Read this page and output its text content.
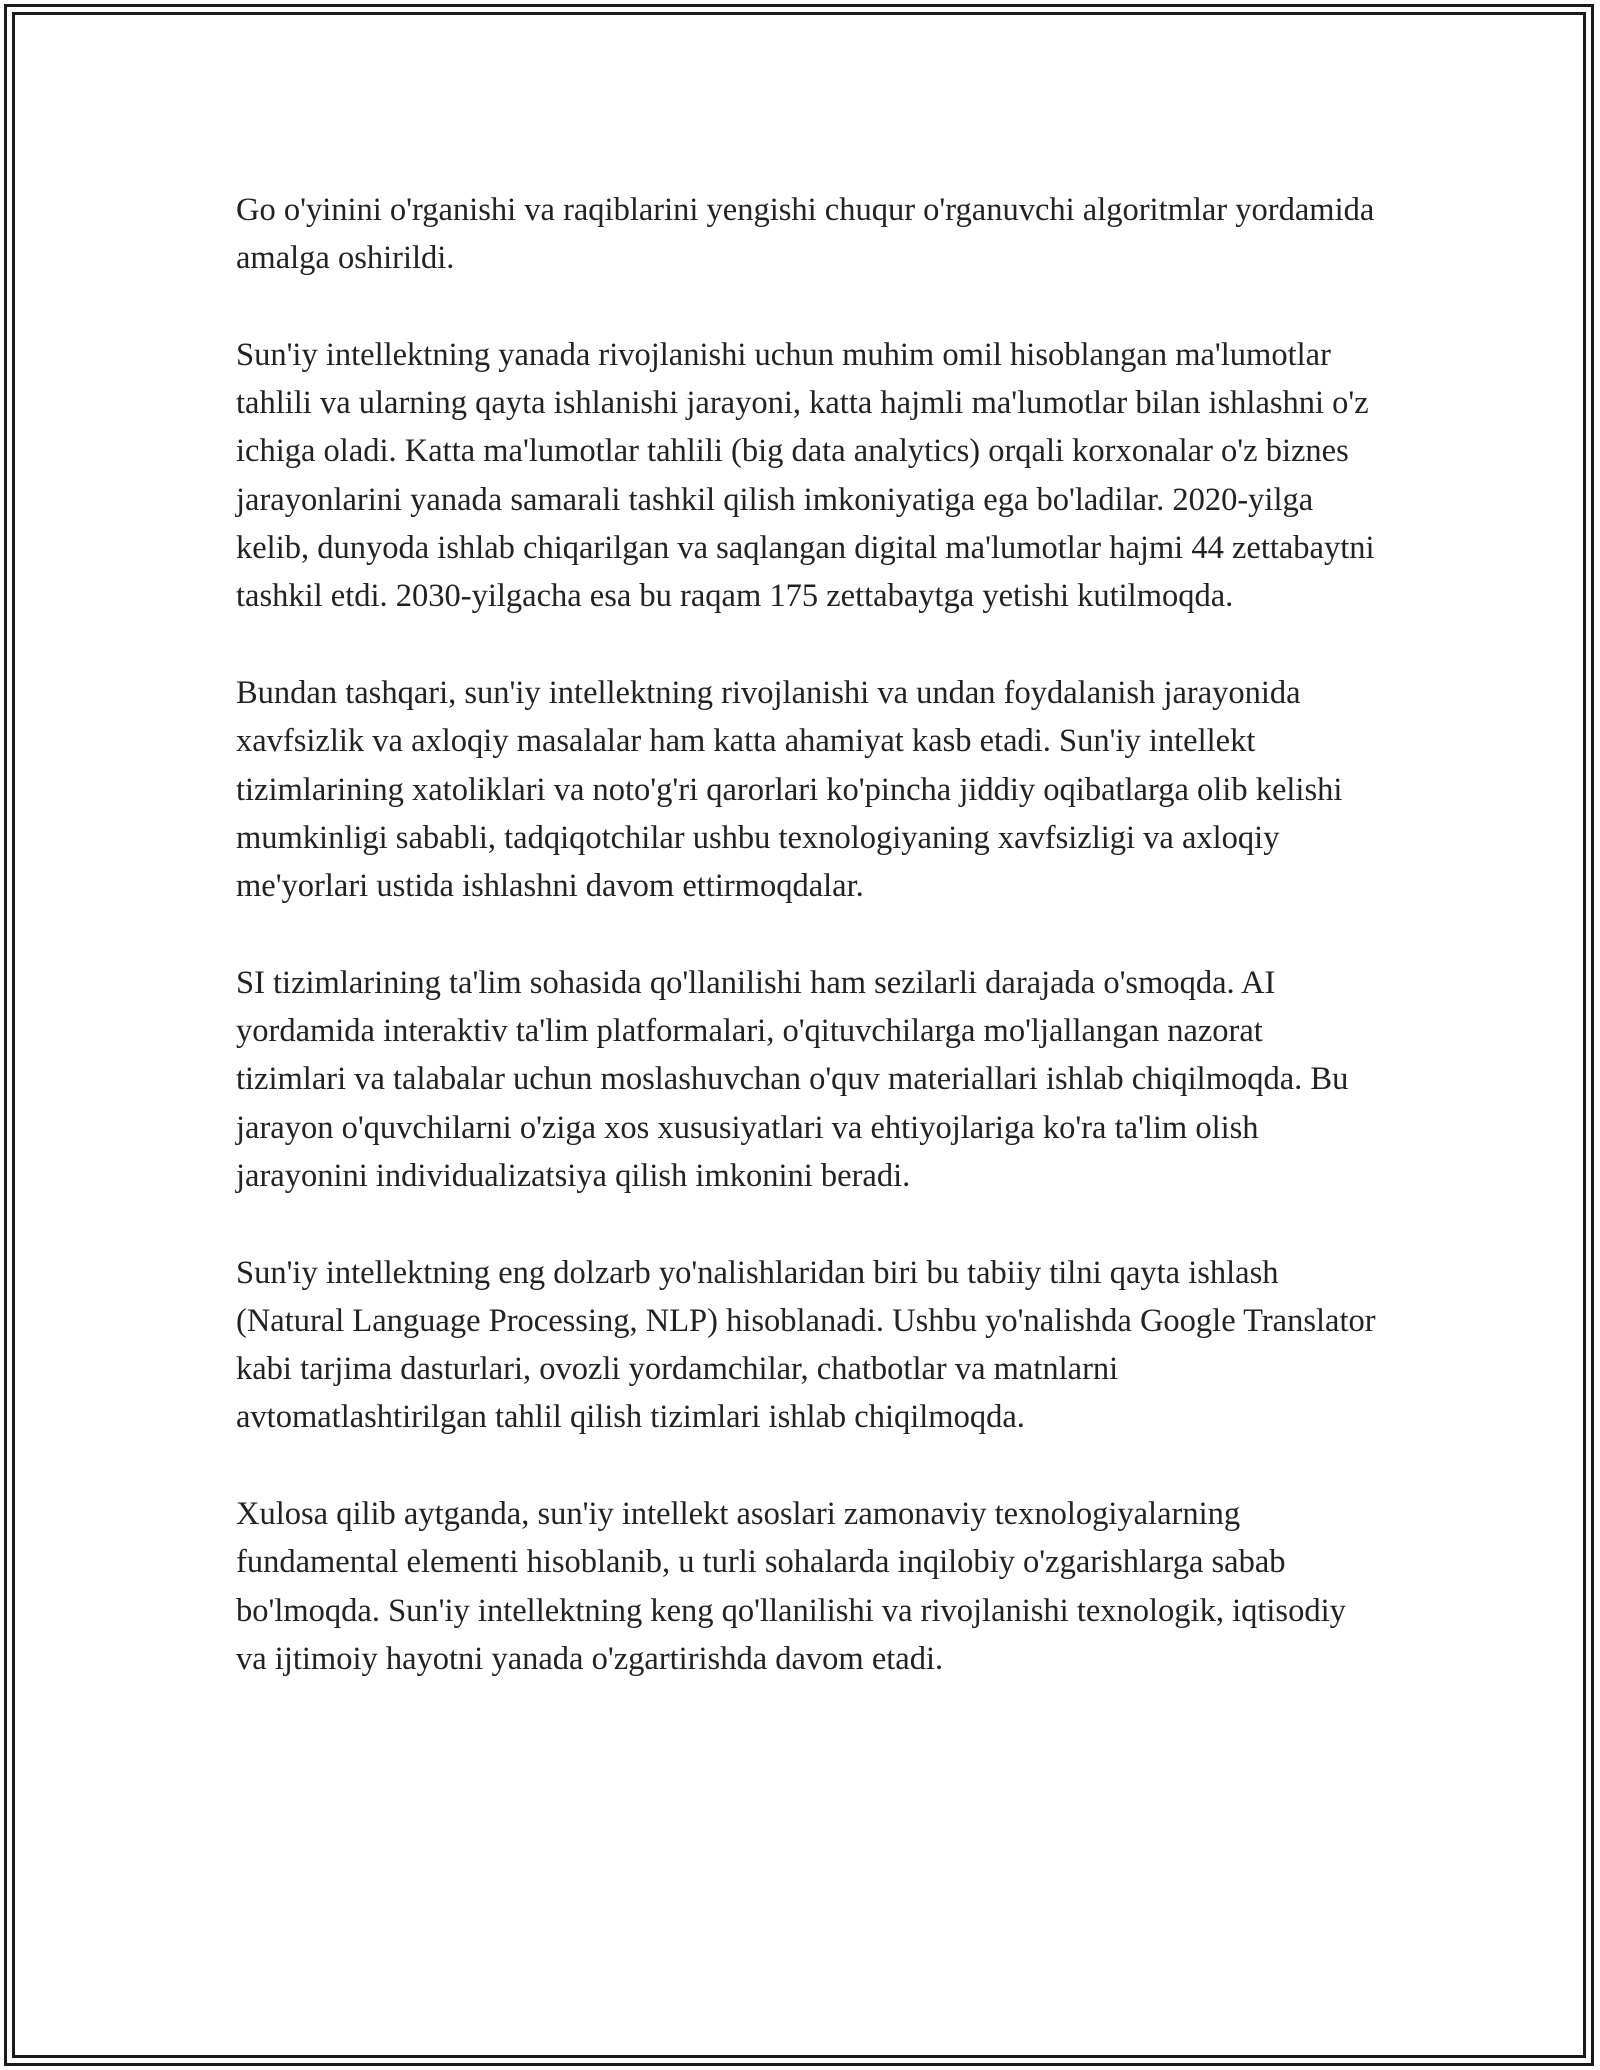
Go o'yinini o'rganishi va raqiblarini yengishi chuqur o'rganuvchi algoritmlar yordamida amalga oshirildi.

Sun'iy intellektning yanada rivojlanishi uchun muhim omil hisoblangan ma'lumotlar tahlili va ularning qayta ishlanishi jarayoni, katta hajmli ma'lumotlar bilan ishlashni o'z ichiga oladi. Katta ma'lumotlar tahlili (big data analytics) orqali korxonalar o'z biznes jarayonlarini yanada samarali tashkil qilish imkoniyatiga ega bo'ladilar. 2020-yilga kelib, dunyoda ishlab chiqarilgan va saqlangan digital ma'lumotlar hajmi 44 zettabaytni tashkil etdi. 2030-yilgacha esa bu raqam 175 zettabaytga yetishi kutilmoqda.

Bundan tashqari, sun'iy intellektning rivojlanishi va undan foydalanish jarayonida xavfsizlik va axloqiy masalalar ham katta ahamiyat kasb etadi. Sun'iy intellekt tizimlarining xatoliklari va noto'g'ri qarorlari ko'pincha jiddiy oqibatlarga olib kelishi mumkinligi sababli, tadqiqotchilar ushbu texnologiyaning xavfsizligi va axloqiy me'yorlari ustida ishlashni davom ettirmoqdalar.

SI tizimlarining ta'lim sohasida qo'llanilishi ham sezilarli darajada o'smoqda. AI yordamida interaktiv ta'lim platformalari, o'qituvchilarga mo'ljallangan nazorat tizimlari va talabalar uchun moslashuvchan o'quv materiallari ishlab chiqilmoqda. Bu jarayon o'quvchilarni o'ziga xos xususiyatlari va ehtiyojlariga ko'ra ta'lim olish jarayonini individualizatsiya qilish imkonini beradi.

Sun'iy intellektning eng dolzarb yo'nalishlaridan biri bu tabiiy tilni qayta ishlash (Natural Language Processing, NLP) hisoblanadi. Ushbu yo'nalishda Google Translator kabi tarjima dasturlari, ovozli yordamchilar, chatbotlar va matnlarni avtomatlashtirilgan tahlil qilish tizimlari ishlab chiqilmoqda.

Xulosa qilib aytganda, sun'iy intellekt asoslari zamonaviy texnologiyalarning fundamental elementi hisoblanib, u turli sohalarda inqilobiy o'zgarishlarga sabab bo'lmoqda. Sun'iy intellektning keng qo'llanilishi va rivojlanishi texnologik, iqtisodiy va ijtimoiy hayotni yanada o'zgartirishda davom etadi.
